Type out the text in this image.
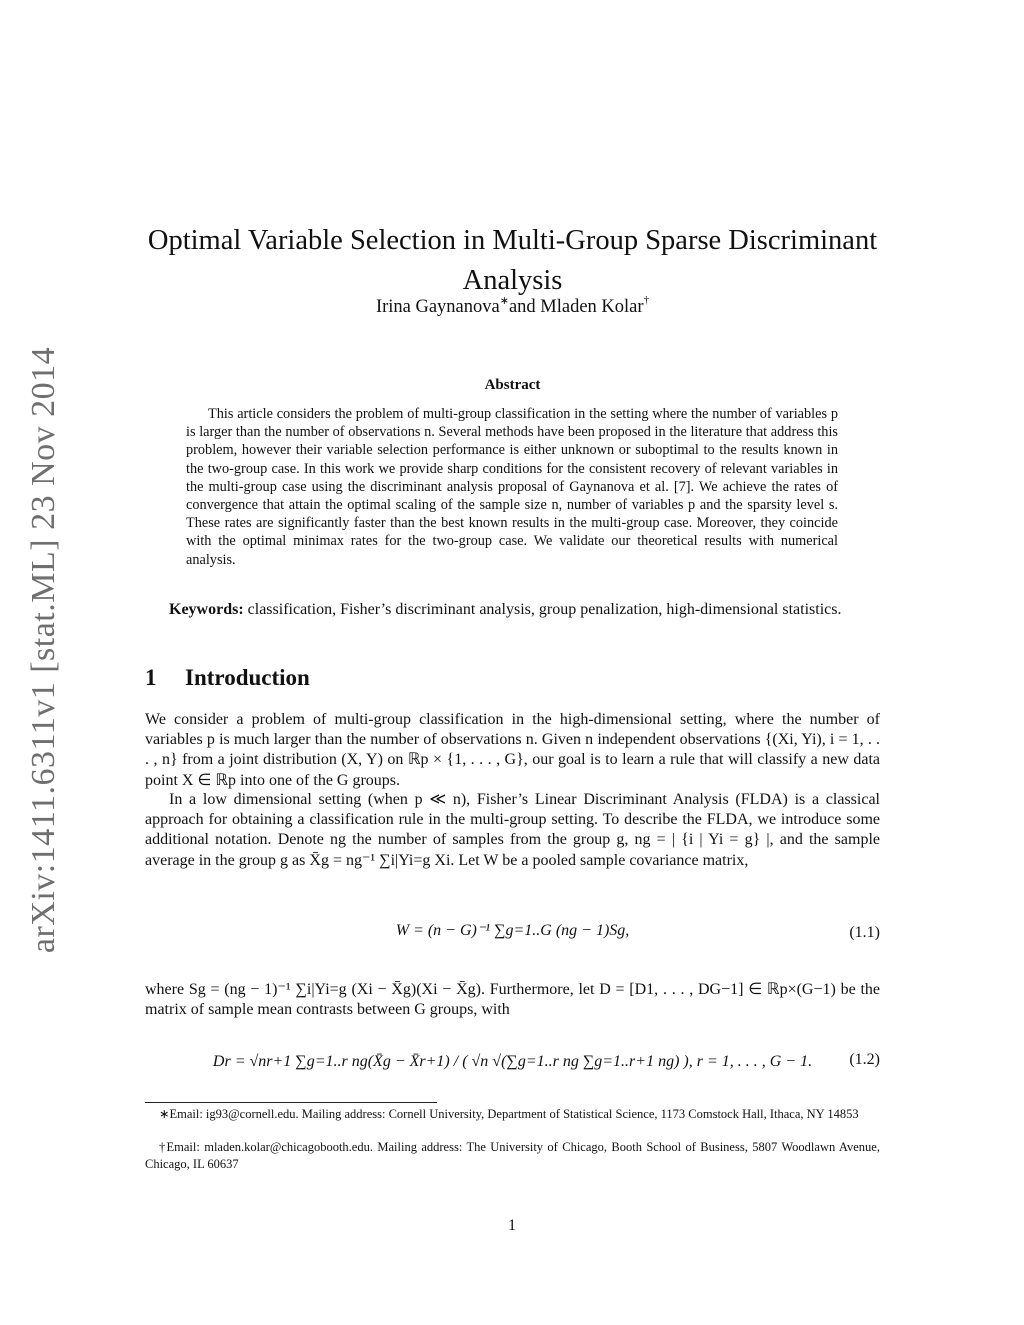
arXiv:1411.6311v1 [stat.ML] 23 Nov 2014
Optimal Variable Selection in Multi-Group Sparse Discriminant Analysis
Irina Gaynanova∗and Mladen Kolar†
Abstract

This article considers the problem of multi-group classification in the setting where the number of variables p is larger than the number of observations n. Several methods have been proposed in the literature that address this problem, however their variable selection performance is either unknown or suboptimal to the results known in the two-group case. In this work we provide sharp conditions for the consistent recovery of relevant variables in the multi-group case using the discriminant analysis proposal of Gaynanova et al. [7]. We achieve the rates of convergence that attain the optimal scaling of the sample size n, number of variables p and the sparsity level s. These rates are significantly faster than the best known results in the multi-group case. Moreover, they coincide with the optimal minimax rates for the two-group case. We validate our theoretical results with numerical analysis.

Keywords: classification, Fisher’s discriminant analysis, group penalization, high-dimensional statistics.

1 Introduction

We consider a problem of multi-group classification in the high-dimensional setting, where the number of variables p is much larger than the number of observations n. Given n independent observations {(Xi, Yi), i = 1, . . . , n} from a joint distribution (X, Y) on ℝp × {1, . . . , G}, our goal is to learn a rule that will classify a new data point X ∈ ℝp into one of the G groups.

In a low dimensional setting (when p ≪ n), Fisher’s Linear Discriminant Analysis (FLDA) is a classical approach for obtaining a classification rule in the multi-group setting. To describe the FLDA, we introduce some additional notation. Denote ng the number of samples from the group g, ng = | {i | Yi = g} |, and the sample average in the group g as X̄g = ng⁻¹ ∑i|Yi=g Xi. Let W be a pooled sample covariance matrix,

W = (n − G)⁻¹ ∑g=1..G (ng − 1)Sg,	(1.1)

where Sg = (ng − 1)⁻¹ ∑i|Yi=g (Xi − X̄g)(Xi − X̄g). Furthermore, let D = [D1, . . . , DG−1] ∈ ℝp×(G−1) be the matrix of sample mean contrasts between G groups, with

Dr = √nr+1 ∑g=1..r ng(X̄g − X̄r+1) / ( √n √(∑g=1..r ng ∑g=1..r+1 ng) ), r = 1, . . . , G − 1.	(1.2)

∗Email: ig93@cornell.edu. Mailing address: Cornell University, Department of Statistical Science, 1173 Comstock Hall, Ithaca, NY 14853

†Email: mladen.kolar@chicagobooth.edu. Mailing address: The University of Chicago, Booth School of Business, 5807 Woodlawn Avenue, Chicago, IL 60637

1
